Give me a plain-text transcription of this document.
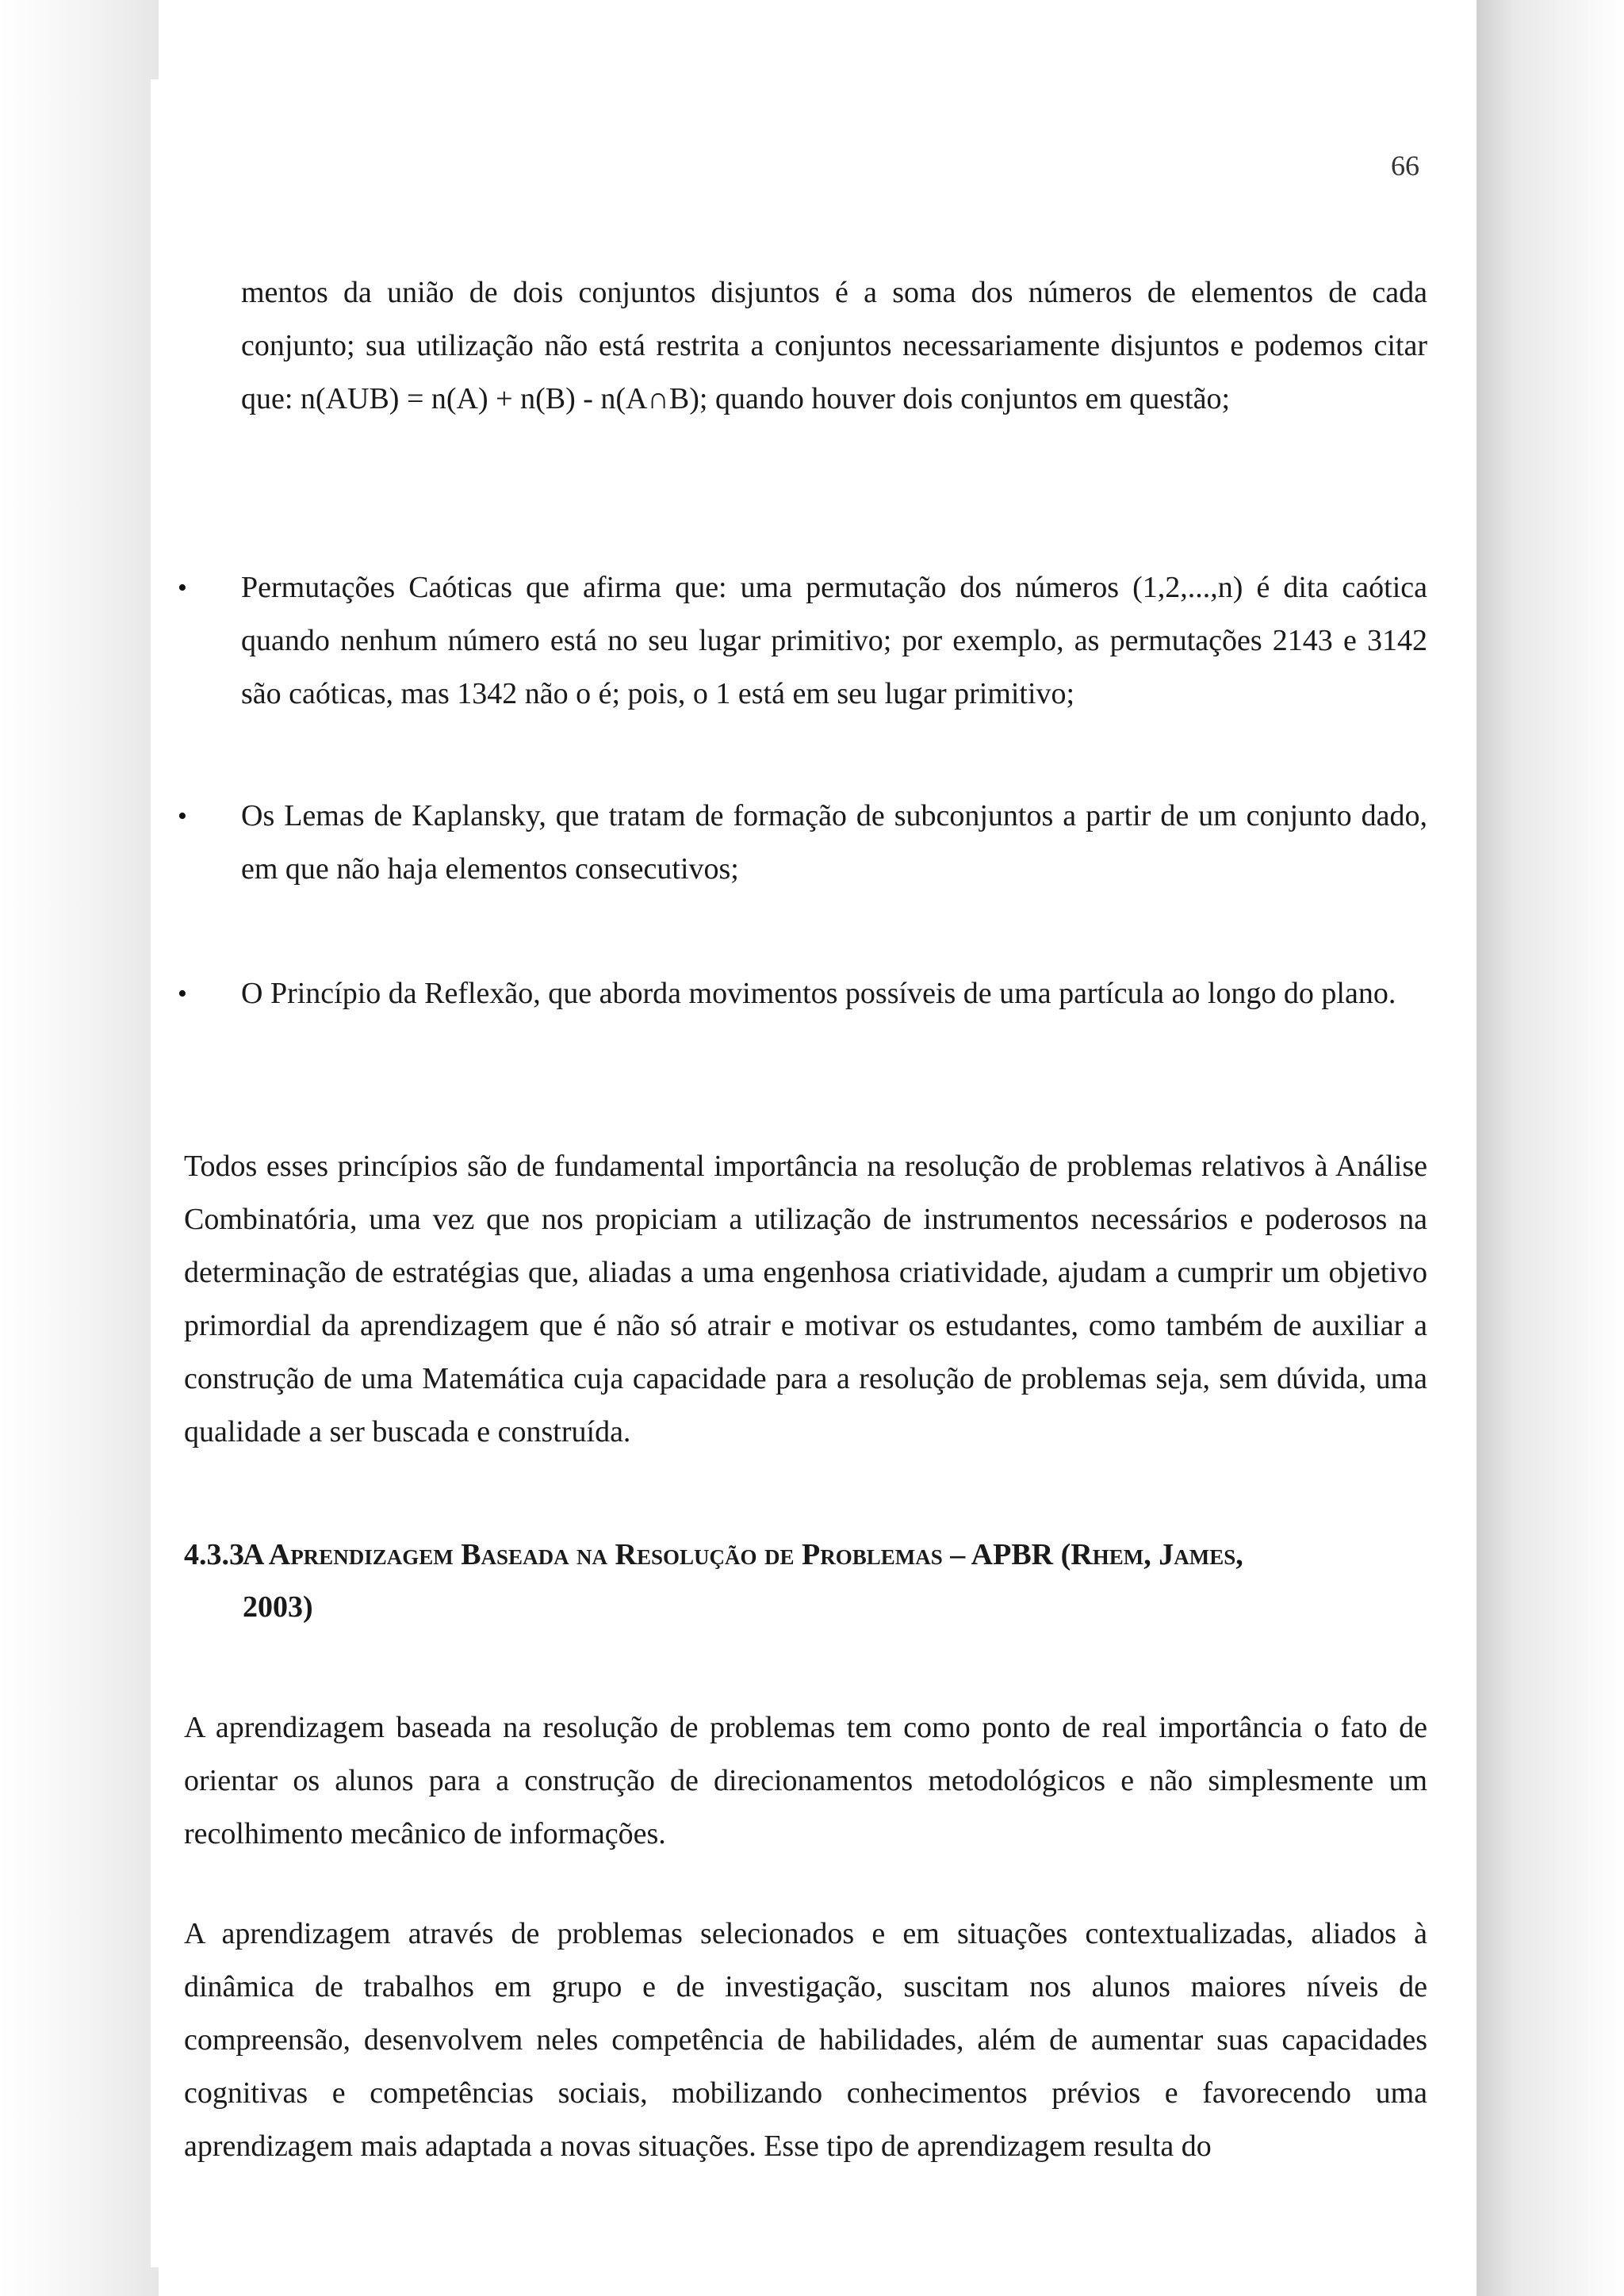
66
mentos da união de dois conjuntos disjuntos é a soma dos números de elementos de cada conjunto; sua utilização não está restrita a conjuntos necessariamente disjuntos e podemos citar que: n(AUB) = n(A) + n(B) - n(A∩B); quando houver dois conjuntos em questão;
• Permutações Caóticas que afirma que: uma permutação dos números (1,2,...,n) é dita caótica quando nenhum número está no seu lugar primitivo; por exemplo, as permutações 2143 e 3142 são caóticas, mas 1342 não o é; pois, o 1 está em seu lugar primitivo;
• Os Lemas de Kaplansky, que tratam de formação de subconjuntos a partir de um conjunto dado, em que não haja elementos consecutivos;
• O Princípio da Reflexão, que aborda movimentos possíveis de uma partícula ao longo do plano.
Todos esses princípios são de fundamental importância na resolução de problemas relativos à Análise Combinatória, uma vez que nos propiciam a utilização de instrumentos necessários e poderosos na determinação de estratégias que, aliadas a uma engenhosa criatividade, ajudam a cumprir um objetivo primordial da aprendizagem que é não só atrair e motivar os estudantes, como também de auxiliar a construção de uma Matemática cuja capacidade para a resolução de problemas seja, sem dúvida, uma qualidade a ser buscada e construída.
4.3.3A Aprendizagem Baseada na Resolução de Problemas – APBR (Rhem, James,
2003)
A aprendizagem baseada na resolução de problemas tem como ponto de real importância o fato de orientar os alunos para a construção de direcionamentos metodológicos e não simplesmente um recolhimento mecânico de informações.
A aprendizagem através de problemas selecionados e em situações contextualizadas, aliados à dinâmica de trabalhos em grupo e de investigação, suscitam nos alunos maiores níveis de compreensão, desenvolvem neles competência de habilidades, além de aumentar suas capacidades cognitivas e competências sociais, mobilizando conhecimentos prévios e favorecendo uma aprendizagem mais adaptada a novas situações. Esse tipo de aprendizagem resulta do
